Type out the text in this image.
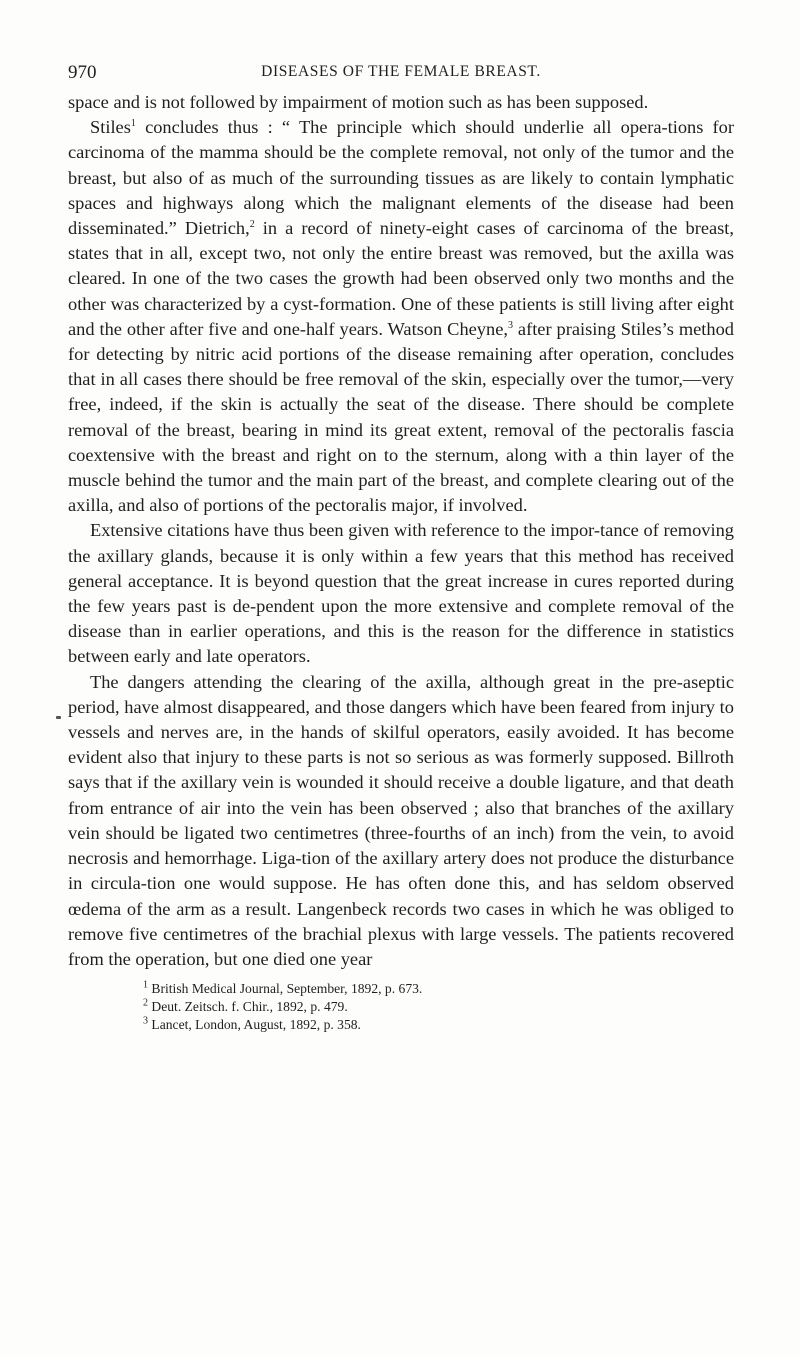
970	DISEASES OF THE FEMALE BREAST.

space and is not followed by impairment of motion such as has been supposed.

Stiles$^1$ concludes thus : “ The principle which should underlie all opera-tions for carcinoma of the mamma should be the complete removal, not only of the tumor and the breast, but also of as much of the surrounding tissues as are likely to contain lymphatic spaces and highways along which the malignant elements of the disease had been disseminated.” Dietrich,$^2$ in a record of ninety-eight cases of carcinoma of the breast, states that in all, except two, not only the entire breast was removed, but the axilla was cleared. In one of the two cases the growth had been observed only two months and the other was characterized by a cyst-formation. One of these patients is still living after eight and the other after five and one-half years. Watson Cheyne,$^3$ after praising Stiles’s method for detecting by nitric acid portions of the disease remaining after operation, concludes that in all cases there should be free removal of the skin, especially over the tumor,—very free, indeed, if the skin is actually the seat of the disease. There should be complete removal of the breast, bearing in mind its great extent, removal of the pectoralis fascia coextensive with the breast and right on to the sternum, along with a thin layer of the muscle behind the tumor and the main part of the breast, and complete clearing out of the axilla, and also of portions of the pectoralis major, if involved.

Extensive citations have thus been given with reference to the impor-tance of removing the axillary glands, because it is only within a few years that this method has received general acceptance. It is beyond question that the great increase in cures reported during the few years past is de-pendent upon the more extensive and complete removal of the disease than in earlier operations, and this is the reason for the difference in statistics between early and late operators.

The dangers attending the clearing of the axilla, although great in the pre-aseptic period, have almost disappeared, and those dangers which have been feared from injury to vessels and nerves are, in the hands of skilful operators, easily avoided. It has become evident also that injury to these parts is not so serious as was formerly supposed. Billroth says that if the axillary vein is wounded it should receive a double ligature, and that death from entrance of air into the vein has been observed ; also that branches of the axillary vein should be ligated two centimetres (three-fourths of an inch) from the vein, to avoid necrosis and hemorrhage. Liga-tion of the axillary artery does not produce the disturbance in circula-tion one would suppose. He has often done this, and has seldom observed œdema of the arm as a result. Langenbeck records two cases in which he was obliged to remove five centimetres of the brachial plexus with large vessels. The patients recovered from the operation, but one died one year

$^1$ British Medical Journal, September, 1892, p. 673.

$^2$ Deut. Zeitsch. f. Chir., 1892, p. 479.

$^3$ Lancet, London, August, 1892, p. 358.
